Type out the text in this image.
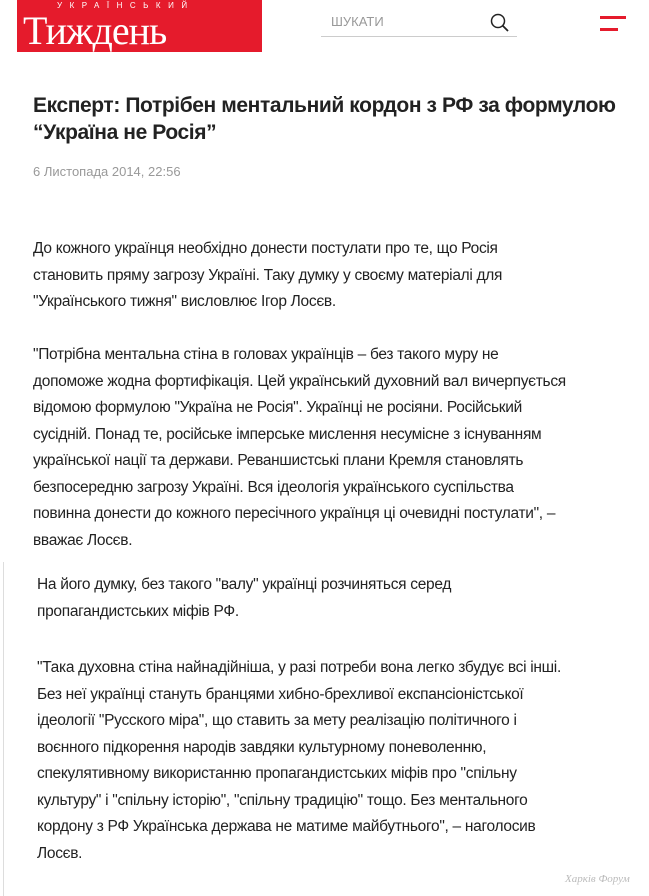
УКРАЇНСЬКИЙ
Тиждень	ШУКАТИ
Експерт: Потрібен ментальний кордон з РФ за формулою “Україна не Росія”
6 Листопада 2014, 22:56
До кожного українця необхідно донести постулати про те, що Росія
становить пряму загрозу Україні. Таку думку у своєму матеріалі для
"Українського тижня" висловлює Ігор Лосєв.
"Потрібна ментальна стіна в головах українців – без такого муру не
допоможе жодна фортифікація. Цей український духовний вал вичерпується
відомою формулою "Україна не Росія". Українці не росіяни. Російський
сусідній. Понад те, російське імперське мислення несумісне з існуванням
української нації та держави. Реваншистські плани Кремля становлять
безпосередню загрозу Україні. Вся ідеологія українського суспільства
повинна донести до кожного пересічного українця ці очевидні постулати", –
вважає Лосєв.
На його думку, без такого "валу" українці розчиняться серед
пропагандистських міфів РФ.
"Така духовна стіна найнадійніша, у разі потреби вона легко збудує всі інші.
Без неї українці стануть бранцями хибно-брехливої експансіоністської
ідеології "Русского міра", що ставить за мету реалізацію політичного і
воєнного підкорення народів завдяки культурному поневоленню,
спекулятивному використанню пропагандистських міфів про "спільну
культуру" і "спільну історію", "спільну традицію" тощо. Без ментального
кордону з РФ Українська держава не матиме майбутнього", – наголосив
Лосєв.
Харків Форум
